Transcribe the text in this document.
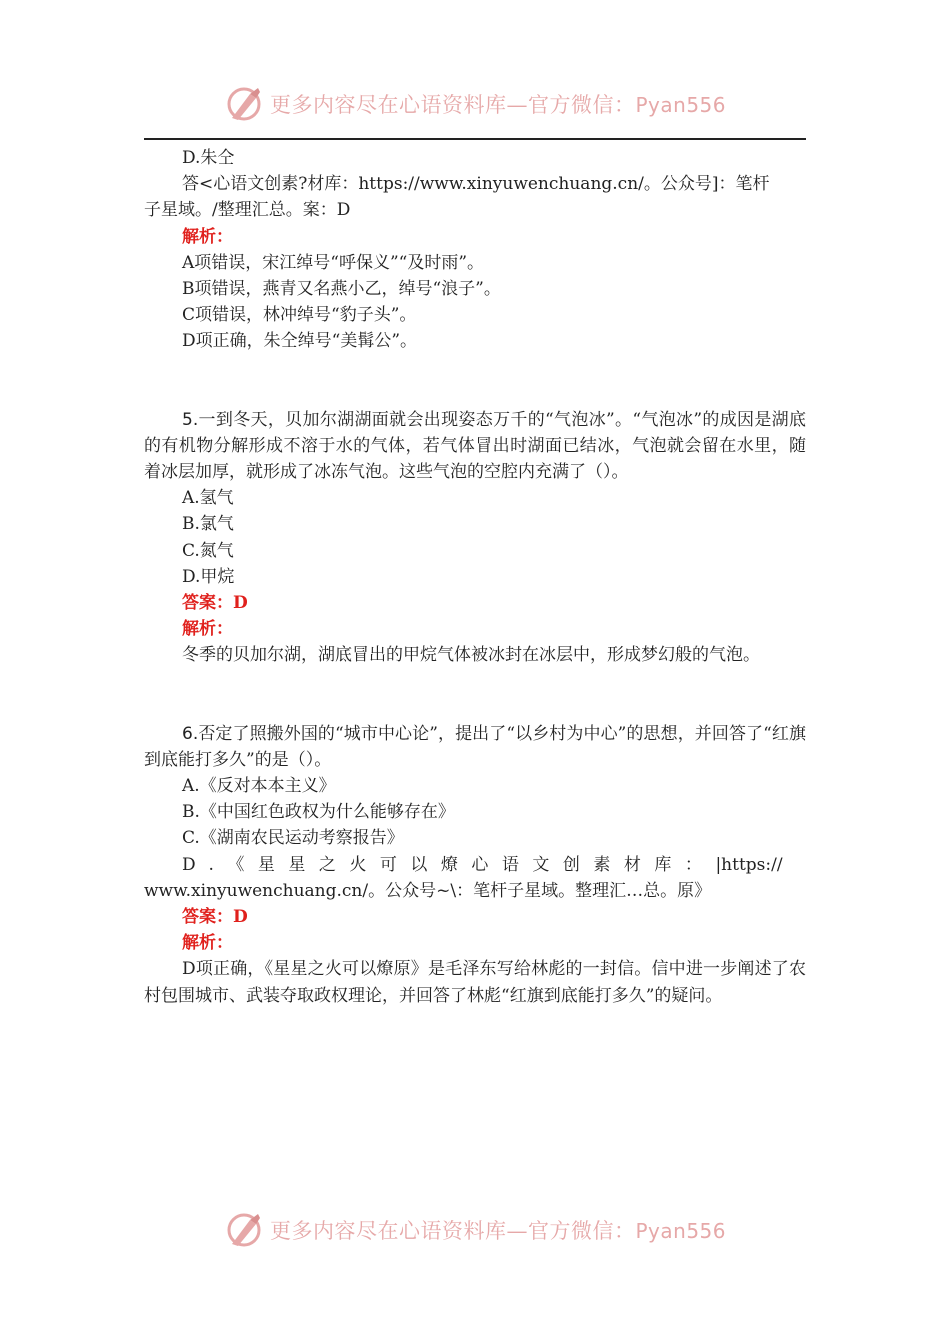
更多内容尽在心语资料库—官方微信：Pyan556

D.朱仝

答<心语文创素?材库：https://www.xinyuwenchuang.cn/。公众号]：笔杆

子星域。/整理汇总。案：D

解析：

A项错误，宋江绰号“呼保义”“及时雨”。

B项错误，燕青又名燕小乙，绰号“浪子”。

C项错误，林冲绰号“豹子头”。

D项正确，朱仝绰号“美髯公”。

5.一到冬天，贝加尔湖湖面就会出现姿态万千的“气泡冰”。“气泡冰”的成因是湖底的有机物分解形成不溶于水的气体，若气体冒出时湖面已结冰，气泡就会留在水里，随着冰层加厚，就形成了冰冻气泡。这些气泡的空腔内充满了（）。

A.氢气

B.氯气

C.氮气

D.甲烷

答案：D

解析：

冬季的贝加尔湖，湖底冒出的甲烷气体被冰封在冰层中，形成梦幻般的气泡。

6.否定了照搬外国的“城市中心论”，提出了“以乡村为中心”的思想，并回答了“红旗到底能打多久”的是（）。

A.《反对本本主义》

B.《中国红色政权为什么能够存在》

C.《湖南农民运动考察报告》

D.《星星之火可以燎心语文创素材库：|https://

www.xinyuwenchuang.cn/。公众号~\：笔杆子星域。整理汇…总。原》

答案：D

解析：

D项正确，《星星之火可以燎原》是毛泽东写给林彪的一封信。信中进一步阐述了农村包围城市、武装夺取政权理论，并回答了林彪“红旗到底能打多久”的疑问。

更多内容尽在心语资料库—官方微信：Pyan556
